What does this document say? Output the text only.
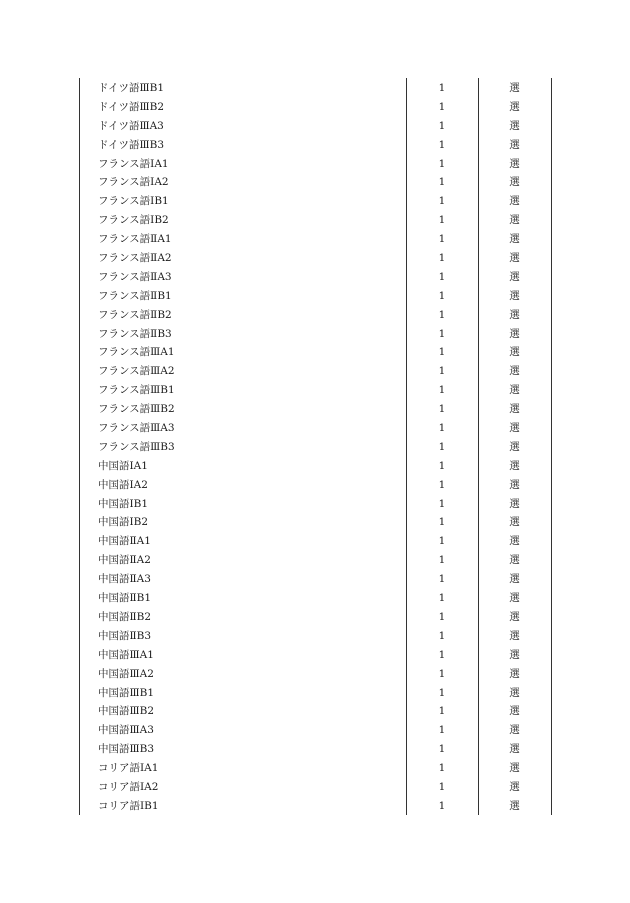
ドイツ語ⅢB1	1	選
ドイツ語ⅢB2	1	選
ドイツ語ⅢA3	1	選
ドイツ語ⅢB3	1	選
フランス語ⅠA1	1	選
フランス語ⅠA2	1	選
フランス語ⅠB1	1	選
フランス語ⅠB2	1	選
フランス語ⅡA1	1	選
フランス語ⅡA2	1	選
フランス語ⅡA3	1	選
フランス語ⅡB1	1	選
フランス語ⅡB2	1	選
フランス語ⅡB3	1	選
フランス語ⅢA1	1	選
フランス語ⅢA2	1	選
フランス語ⅢB1	1	選
フランス語ⅢB2	1	選
フランス語ⅢA3	1	選
フランス語ⅢB3	1	選
中国語ⅠA1	1	選
中国語ⅠA2	1	選
中国語ⅠB1	1	選
中国語ⅠB2	1	選
中国語ⅡA1	1	選
中国語ⅡA2	1	選
中国語ⅡA3	1	選
中国語ⅡB1	1	選
中国語ⅡB2	1	選
中国語ⅡB3	1	選
中国語ⅢA1	1	選
中国語ⅢA2	1	選
中国語ⅢB1	1	選
中国語ⅢB2	1	選
中国語ⅢA3	1	選
中国語ⅢB3	1	選
コリア語ⅠA1	1	選
コリア語ⅠA2	1	選
コリア語ⅠB1	1	選
